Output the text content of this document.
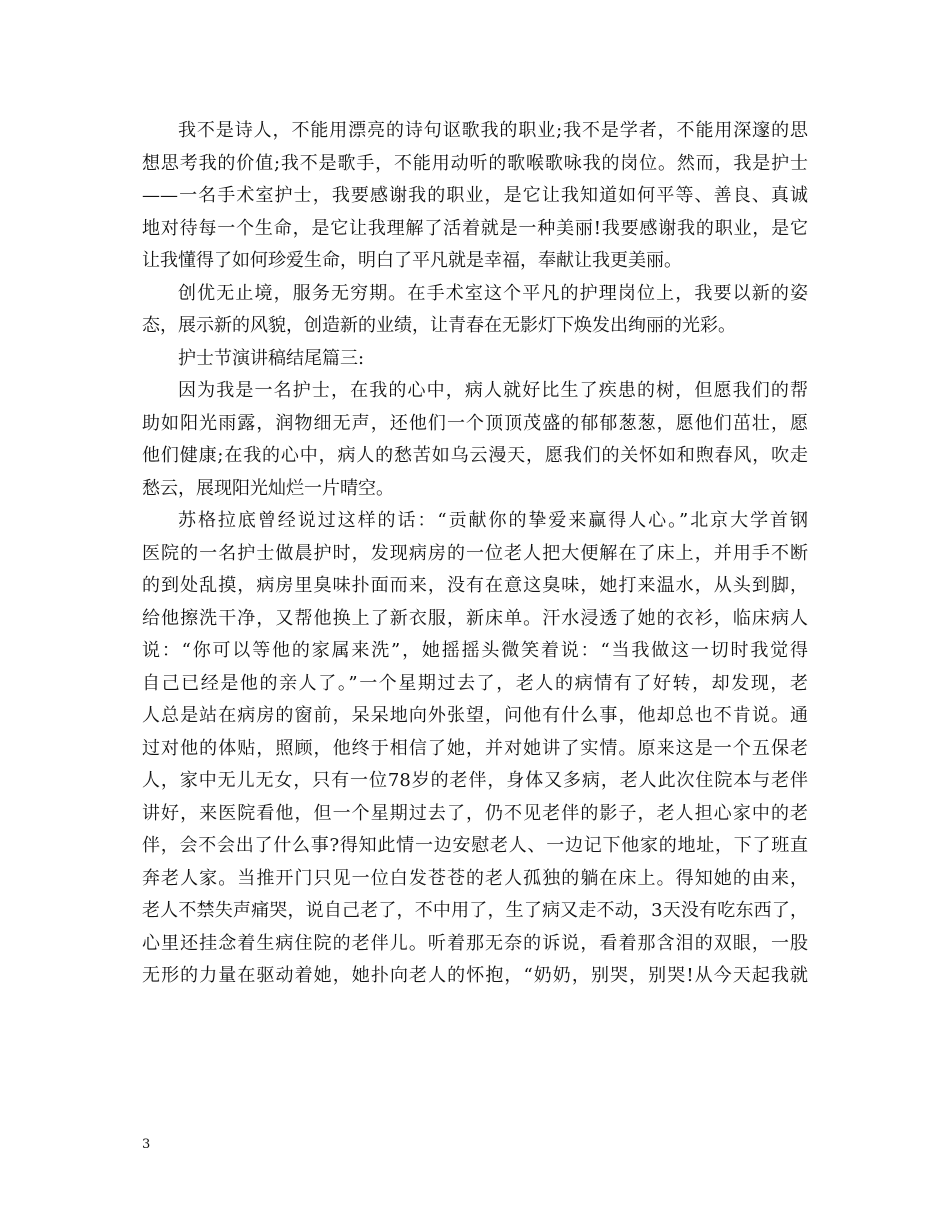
我不是诗人，不能用漂亮的诗句讴歌我的职业;我不是学者，不能用深邃的思
想思考我的价值;我不是歌手，不能用动听的歌喉歌咏我的岗位。然而，我是护士
——一名手术室护士，我要感谢我的职业，是它让我知道如何平等、善良、真诚
地对待每一个生命，是它让我理解了活着就是一种美丽!我要感谢我的职业，是它
让我懂得了如何珍爱生命，明白了平凡就是幸福，奉献让我更美丽。
创优无止境，服务无穷期。在手术室这个平凡的护理岗位上，我要以新的姿
态，展示新的风貌，创造新的业绩，让青春在无影灯下焕发出绚丽的光彩。
护士节演讲稿结尾篇三:
因为我是一名护士，在我的心中，病人就好比生了疾患的树，但愿我们的帮
助如阳光雨露，润物细无声，还他们一个顶顶茂盛的郁郁葱葱，愿他们茁壮，愿
他们健康;在我的心中，病人的愁苦如乌云漫天，愿我们的关怀如和煦春风，吹走
愁云，展现阳光灿烂一片晴空。
苏格拉底曾经说过这样的话：“贡献你的挚爱来赢得人心。”北京大学首钢
医院的一名护士做晨护时，发现病房的一位老人把大便解在了床上，并用手不断
的到处乱摸，病房里臭味扑面而来，没有在意这臭味，她打来温水，从头到脚，
给他擦洗干净，又帮他换上了新衣服，新床单。汗水浸透了她的衣衫，临床病人
说：“你可以等他的家属来洗”，她摇摇头微笑着说：“当我做这一切时我觉得
自己已经是他的亲人了。”一个星期过去了，老人的病情有了好转，却发现，老
人总是站在病房的窗前，呆呆地向外张望，问他有什么事，他却总也不肯说。通
过对他的体贴，照顾，他终于相信了她，并对她讲了实情。原来这是一个五保老
人，家中无儿无女，只有一位78岁的老伴，身体又多病，老人此次住院本与老伴
讲好，来医院看他，但一个星期过去了，仍不见老伴的影子，老人担心家中的老
伴，会不会出了什么事?得知此情一边安慰老人、一边记下他家的地址，下了班直
奔老人家。当推开门只见一位白发苍苍的老人孤独的躺在床上。得知她的由来，
老人不禁失声痛哭，说自己老了，不中用了，生了病又走不动，3天没有吃东西了，
心里还挂念着生病住院的老伴儿。听着那无奈的诉说，看着那含泪的双眼，一股
无形的力量在驱动着她，她扑向老人的怀抱，“奶奶，别哭，别哭!从今天起我就
3
